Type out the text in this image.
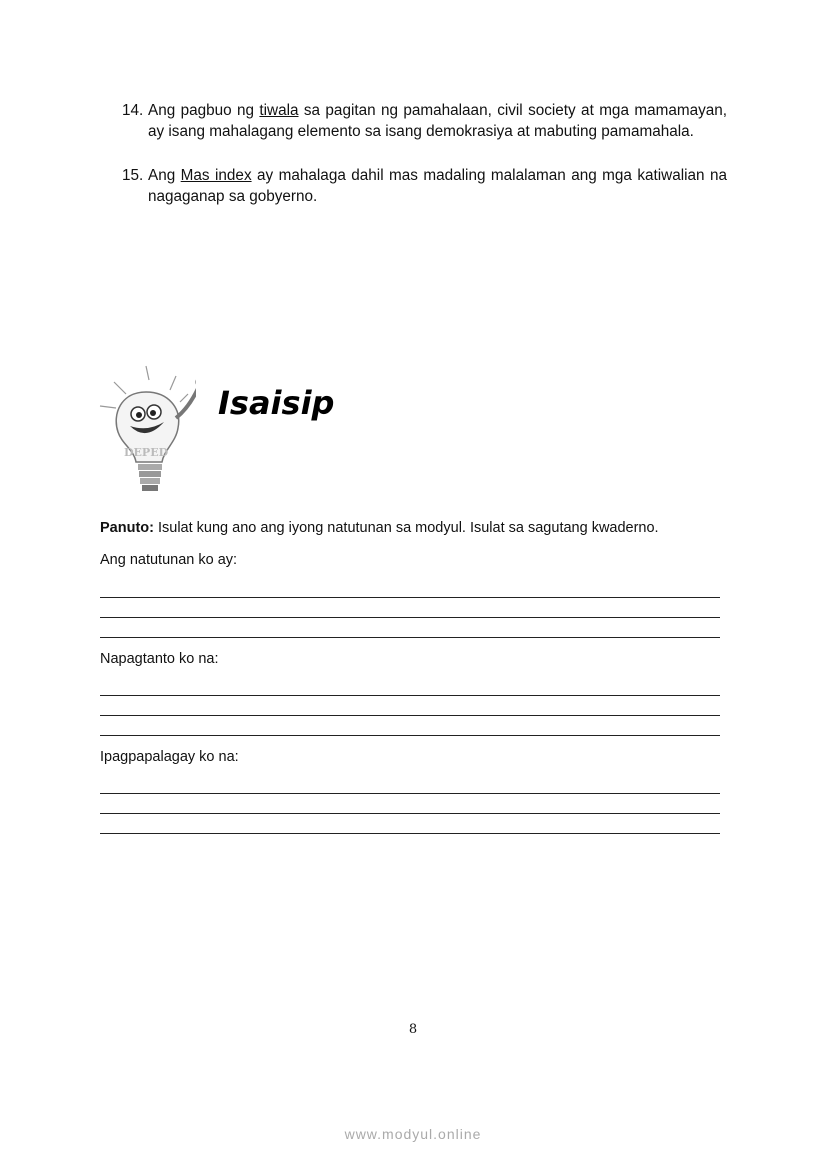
14. Ang pagbuo ng tiwala sa pagitan ng pamahalaan, civil society at mga mamamayan, ay isang mahalagang elemento sa isang demokrasiya at mabuting pamamahala.
15. Ang Mas index ay mahalaga dahil mas madaling malalaman ang mga katiwalian na nagaganap sa gobyerno.
DEPED
Isaisip
Panuto: Isulat kung ano ang iyong natutunan sa modyul. Isulat sa sagutang kwaderno.
Ang natutunan ko ay:
Napagtanto ko na:
Ipagpapalagay ko na:
8
www.modyul.online
